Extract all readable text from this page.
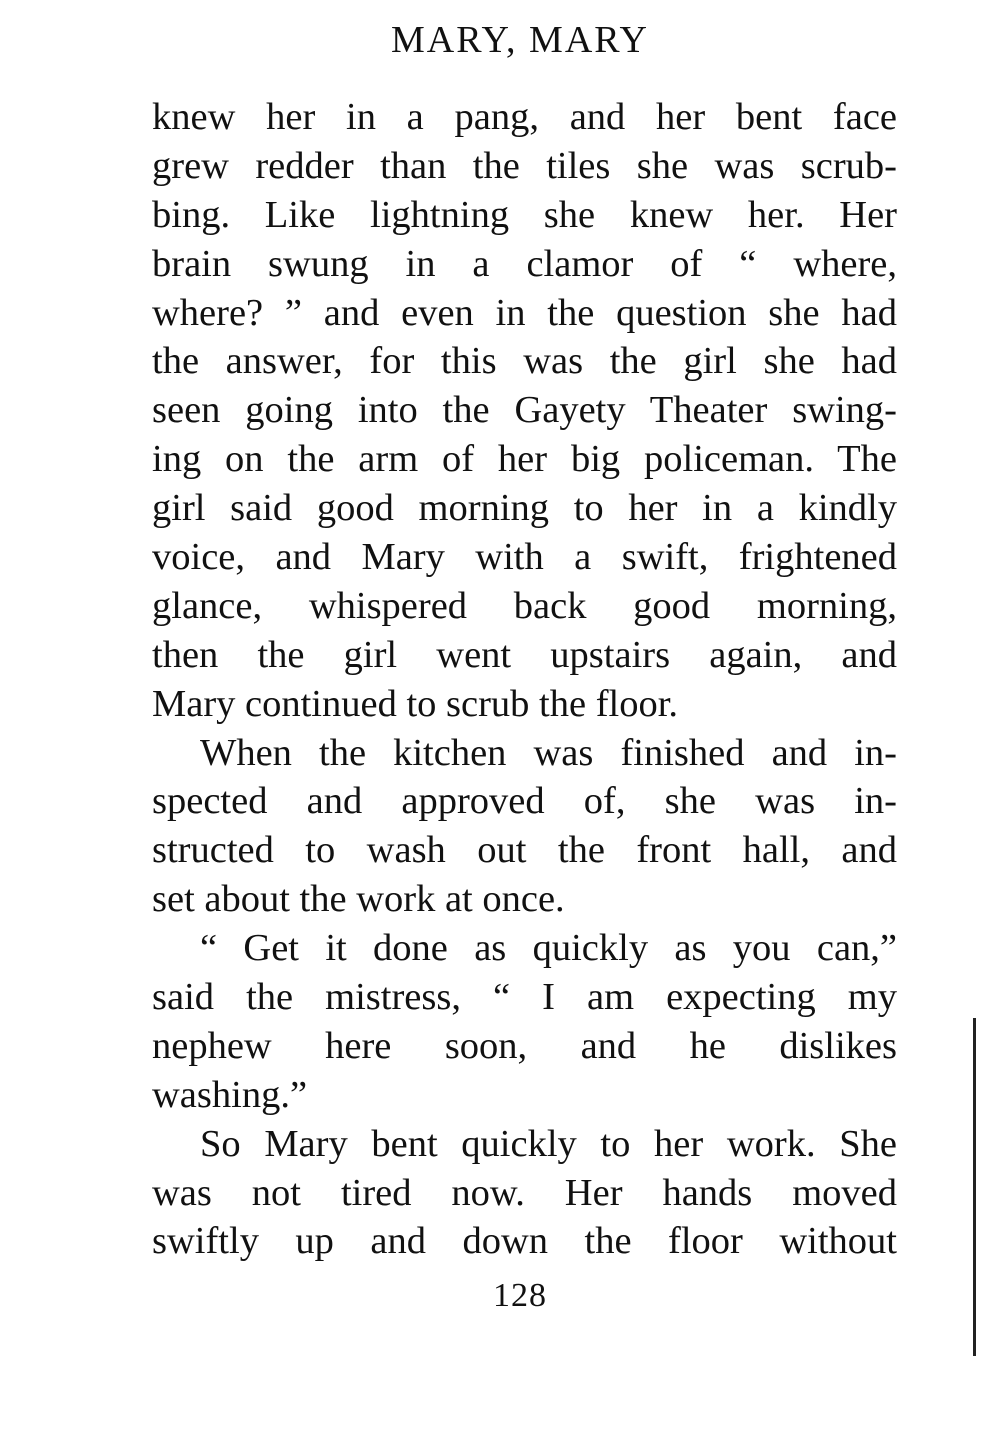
MARY, MARY
knew her in a pang, and her bent face
grew redder than the tiles she was scrub-
bing. Like lightning she knew her. Her
brain swung in a clamor of “ where,
where? ” and even in the question she had
the answer, for this was the girl she had
seen going into the Gayety Theater swing-
ing on the arm of her big policeman. The
girl said good morning to her in a kindly
voice, and Mary with a swift, frightened
glance, whispered back good morning,
then the girl went upstairs again, and
Mary continued to scrub the floor.
When the kitchen was finished and in-
spected and approved of, she was in-
structed to wash out the front hall, and
set about the work at once.
“ Get it done as quickly as you can,”
said the mistress, “ I am expecting my
nephew here soon, and he dislikes
washing.”
So Mary bent quickly to her work. She
was not tired now. Her hands moved
swiftly up and down the floor without
128
